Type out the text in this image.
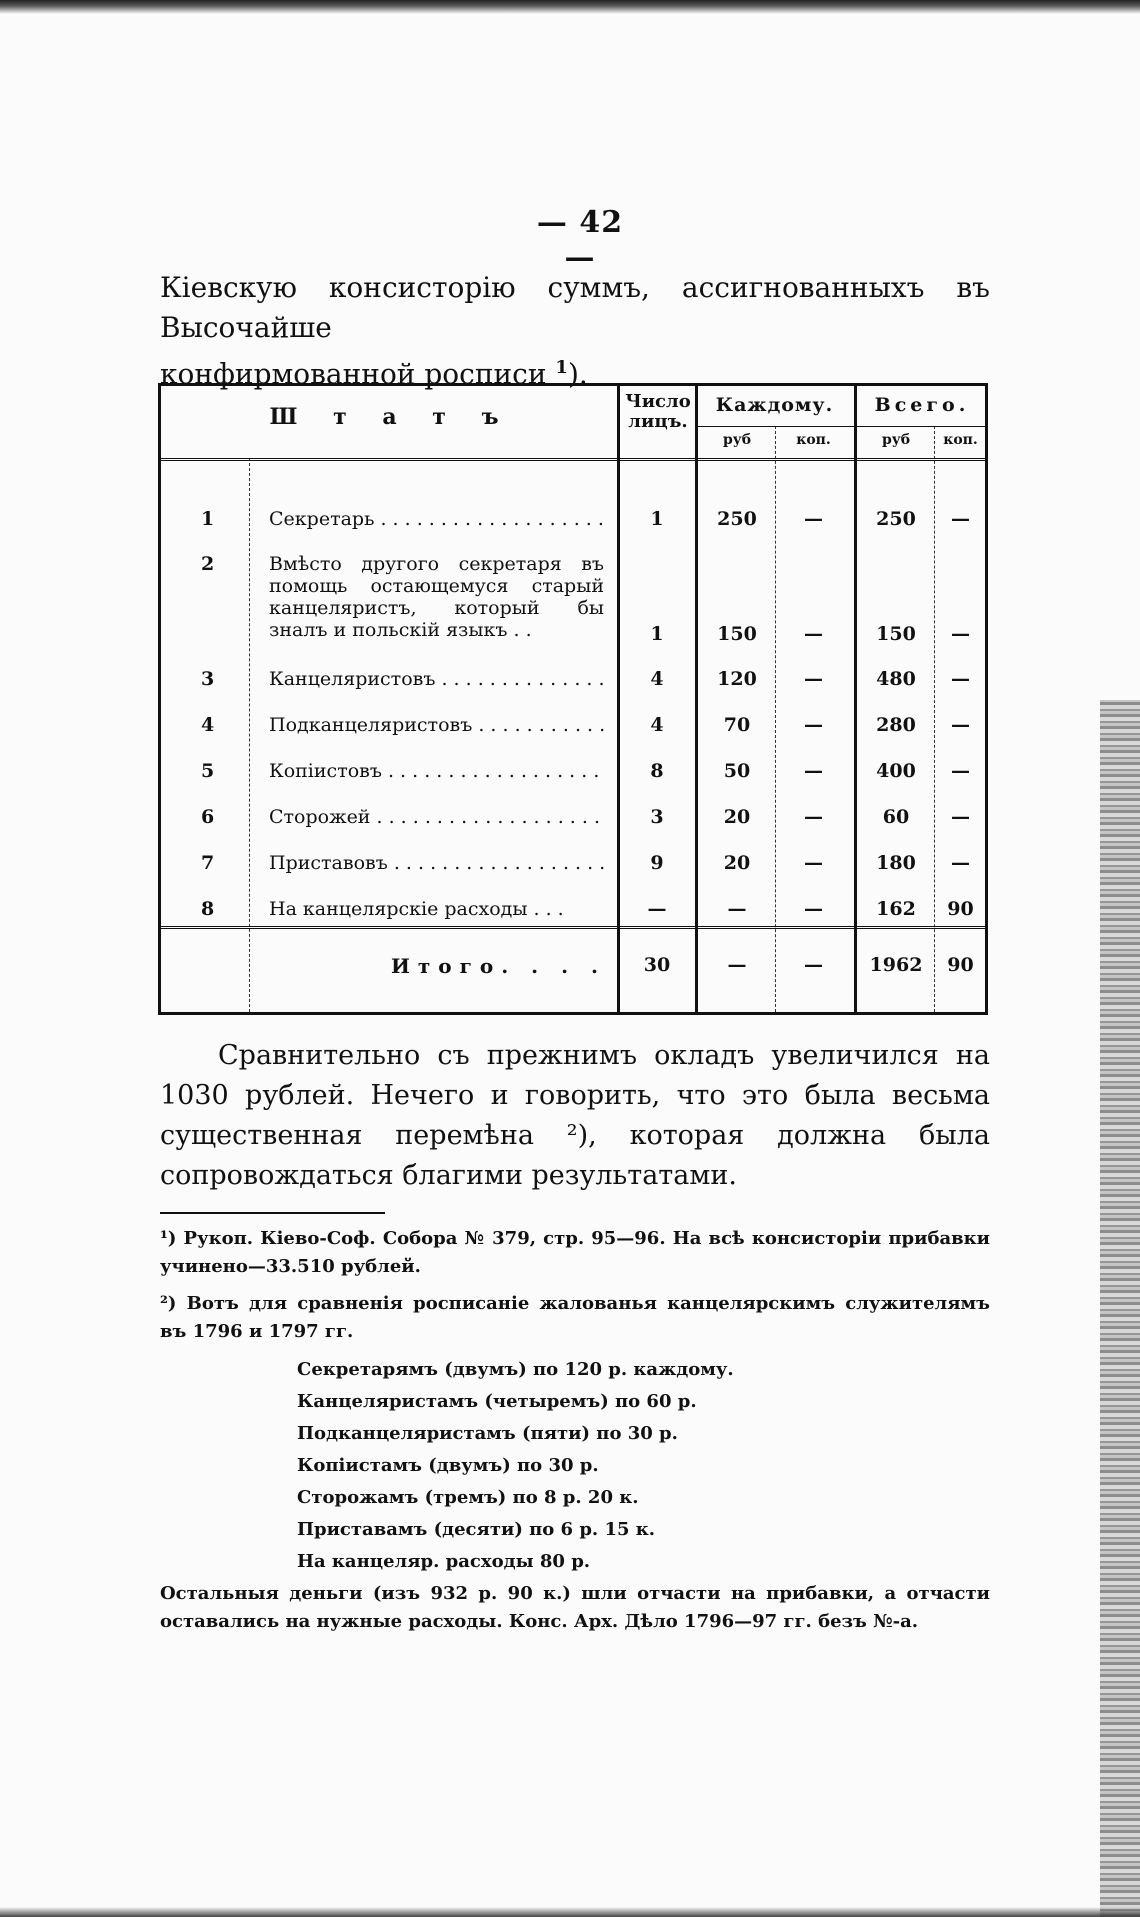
— 42 —
Кіевскую консисторію суммъ, ассигнованныхъ въ Высочайше
конфирмованной росписи $^1$).
Ш т а т ъ
Число лицъ.
Каждому.	Всего.
руб	коп.	руб	коп.
1	Секретарь . . .	1	250	—	250	—
2	Вмѣсто другого секретаря въ помощь остающемуся старый канцеляристъ, который бы зналъ и польскій языкъ . .	1	150	—	150	—
3	Канцеляристовъ . . .	4	120	—	480	—
4	Подканцеляристовъ . . .	4	70	—	280	—
5	Копіистовъ . . .	8	50	—	400	—
6	Сторожей . . .	3	20	—	60	—
7	Приставовъ . . .	9	20	—	180	—
8	На канцелярскіе расходы . . .	—	—	—	162	90
Итого. . . .	30	—	—	1962	90

Сравнительно съ прежнимъ окладъ увеличился на 1030 рублей. Нечего и говорить, что это была весьма существенная перемѣна ²), которая должна была сопровождаться благими результатами.

¹) Рукоп. Кіево-Соф. Собора № 379, стр. 95—96. На всѣ консисторіи прибавки учинено—33.510 рублей.
²) Вотъ для сравненія росписаніе жалованья канцелярскимъ служителямъ въ 1796 и 1797 гг.
Секретарямъ (двумъ) по 120 р. каждому.
Канцеляристамъ (четыремъ) по 60 р.
Подканцеляристамъ (пяти) по 30 р.
Копіистамъ (двумъ) по 30 р.
Сторожамъ (тремъ) по 8 р. 20 к.
Приставамъ (десяти) по 6 р. 15 к.
На канцеляр. расходы 80 р.
Остальныя деньги (изъ 932 р. 90 к.) шли отчасти на прибавки, а отчасти оставались на нужные расходы. Конс. Арх. Дѣло 1796—97 гг. безъ №-а.
